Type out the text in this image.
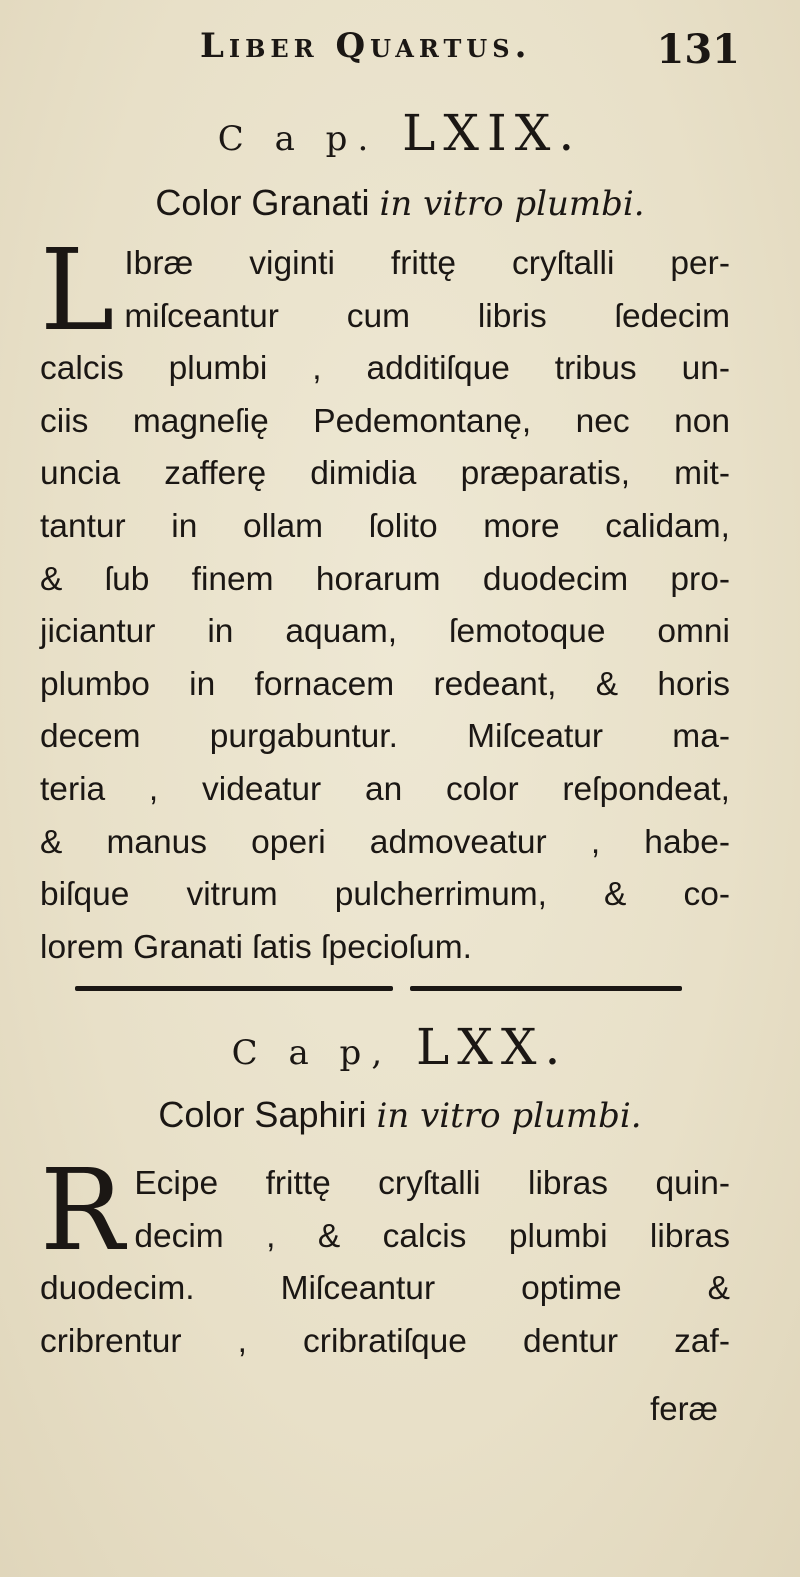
Liber Quartus.	131
C a p. LXIX.
Color Granati in vitro plumbi.
L Ibræ viginti frittę cryſtalli per-
miſceantur cum libris ſedecim
calcis plumbi , additiſque tribus un-
ciis magneſię Pedemontanę, nec non
uncia zafferę dimidia præparatis, mit-
tantur in ollam ſolito more calidam,
& ſub finem horarum duodecim pro-
jiciantur in aquam, ſemotoque omni
plumbo in fornacem redeant, & horis
decem purgabuntur. Miſceatur ma-
teria , videatur an color reſpondeat,
& manus operi admoveatur , habe-
biſque vitrum pulcherrimum, & co-
lorem Granati ſatis ſpecioſum.
C a p, LXX.
Color Saphiri in vitro plumbi.
R Ecipe frittę cryſtalli libras quin-
decim , & calcis plumbi libras
duodecim. Miſceantur optime &
cribrentur , cribratiſque dentur zaf-
feræ
